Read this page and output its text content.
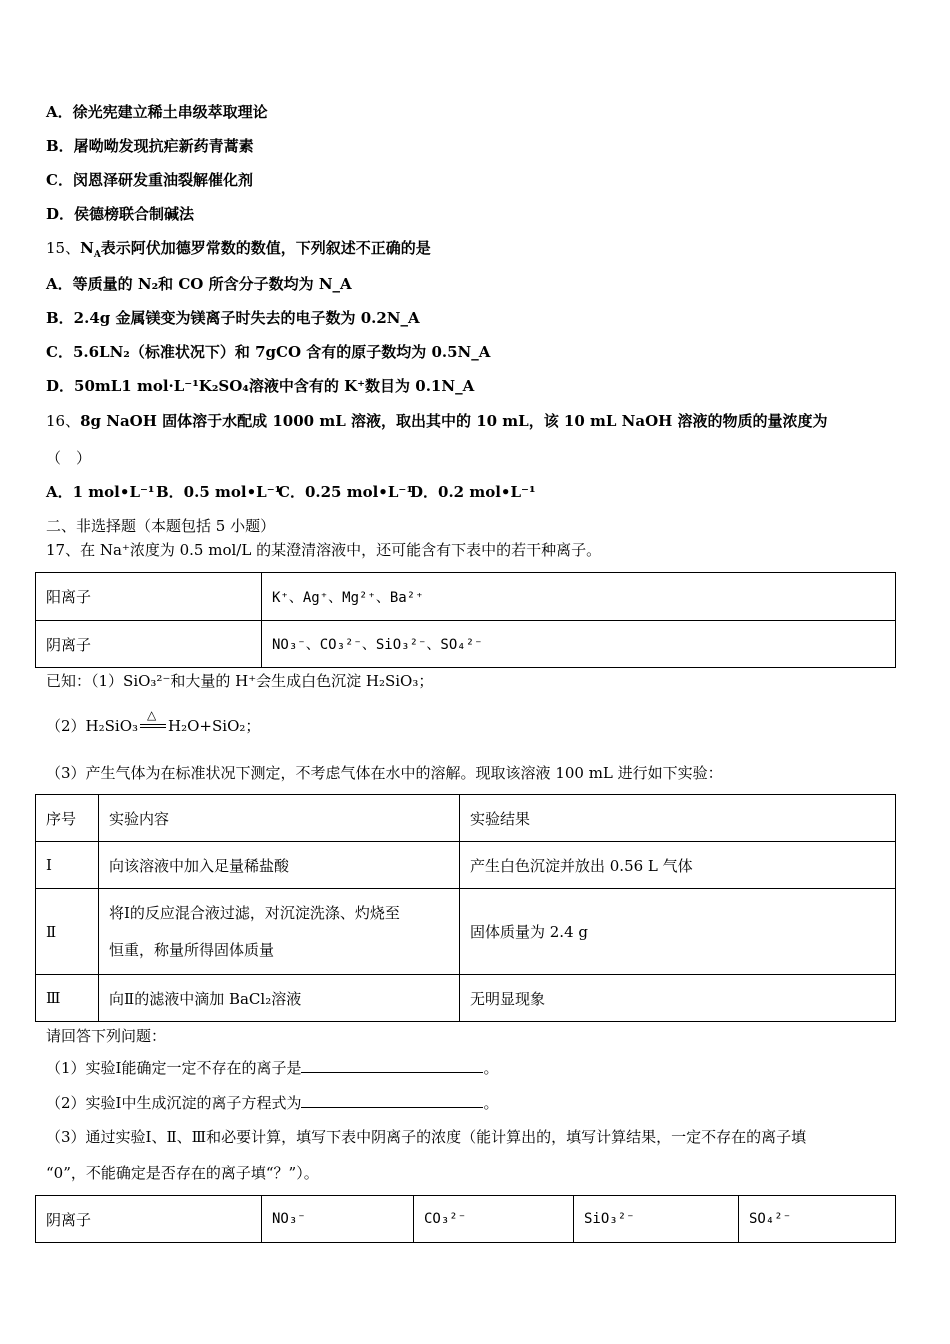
A．徐光宪建立稀土串级萃取理论
B．屠呦呦发现抗疟新药青蒿素
C．闵恩泽研发重油裂解催化剂
D．侯德榜联合制碱法
15、$N_A$表示阿伏加德罗常数的数值，下列叙述不正确的是
A．等质量的 N₂和 CO 所含分子数均为 N_A
B．2.4g 金属镁变为镁离子时失去的电子数为 0.2N_A
C．5.6LN₂（标准状况下）和 7gCO 含有的原子数均为 0.5N_A
D．50mL1 mol·L⁻¹K₂SO₄溶液中含有的 K⁺数目为 0.1N_A
16、8g NaOH 固体溶于水配成 1000 mL 溶液，取出其中的 10 mL，该 10 mL NaOH 溶液的物质的量浓度为
（　）
A．1 mol•L⁻¹ B．0.5 mol•L⁻¹
C．0.25 mol•L⁻¹
D．0.2 mol•L⁻¹
二、非选择题（本题包括 5 小题）
17、在 Na⁺浓度为 0.5 mol/L 的某澄清溶液中，还可能含有下表中的若干种离子。
阳离子	K⁺、Ag⁺、Mg²⁺、Ba²⁺
阴离子	NO₃⁻、CO₃²⁻、SiO₃²⁻、SO₄²⁻
已知：（1）SiO₃²⁻和大量的 H⁺会生成白色沉淀 H₂SiO₃；
（2）H₂SiO₃
△
H₂O+SiO₂；
（3）产生气体为在标准状况下测定，不考虑气体在水中的溶解。现取该溶液 100 mL 进行如下实验：
序号	实验内容	实验结果
Ⅰ	向该溶液中加入足量稀盐酸	产生白色沉淀并放出 0.56 L 气体
Ⅱ	将Ⅰ的反应混合液过滤，对沉淀洗涤、灼烧至
恒重，称量所得固体质量	固体质量为 2.4 g
Ⅲ	向Ⅱ的滤液中滴加 BaCl₂溶液	无明显现象
请回答下列问题：
（1）实验Ⅰ能确定一定不存在的离子是	。
（2）实验Ⅰ中生成沉淀的离子方程式为	。
（3）通过实验Ⅰ、Ⅱ、Ⅲ和必要计算，填写下表中阴离子的浓度（能计算出的，填写计算结果，一定不存在的离子填
“0”，不能确定是否存在的离子填“？”）。
阴离子	NO₃⁻	CO₃²⁻	SiO₃²⁻	SO₄²⁻
